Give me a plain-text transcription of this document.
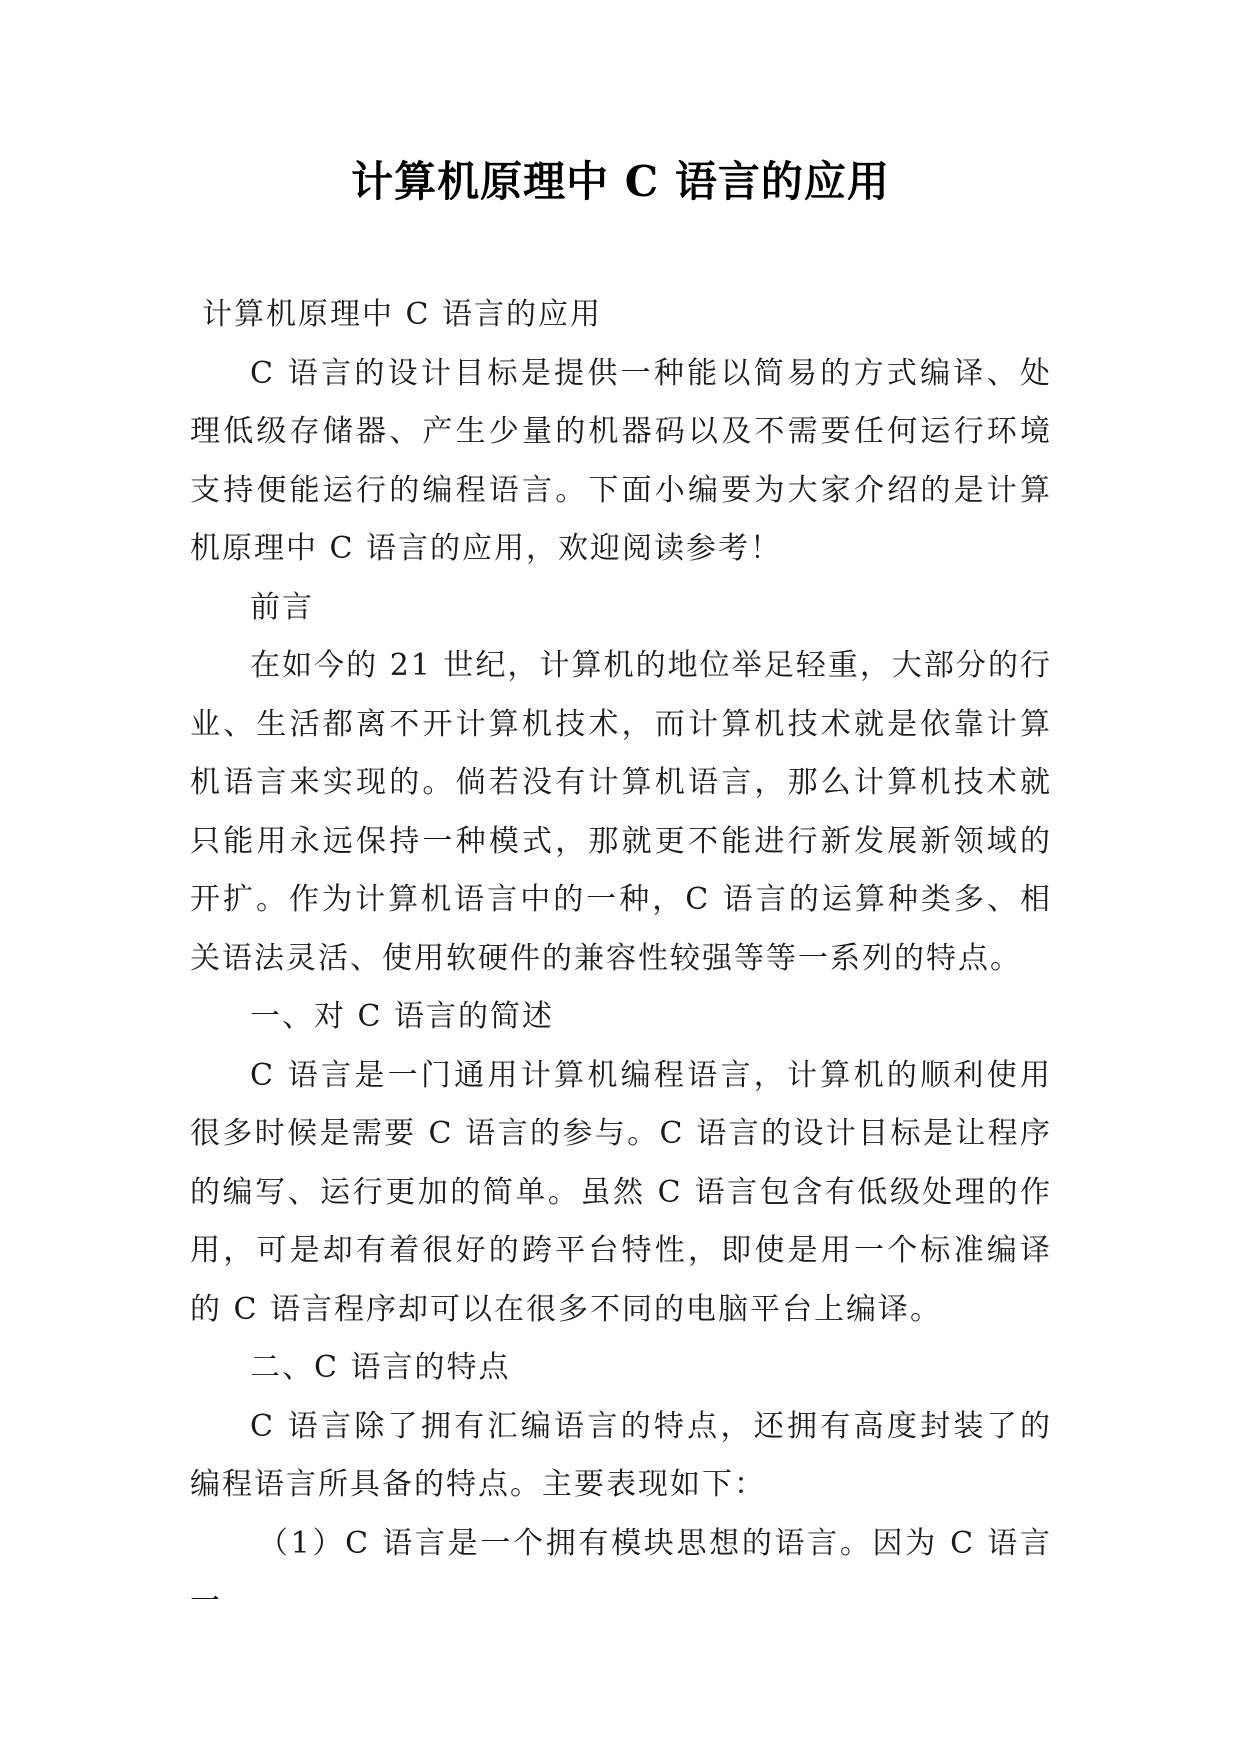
计算机原理中 C 语言的应用

计算机原理中 C 语言的应用

C 语言的设计目标是提供一种能以简易的方式编译、处理低级存储器、产生少量的机器码以及不需要任何运行环境支持便能运行的编程语言。下面小编要为大家介绍的是计算机原理中 C 语言的应用，欢迎阅读参考！

前言

在如今的 21 世纪，计算机的地位举足轻重，大部分的行业、生活都离不开计算机技术，而计算机技术就是依靠计算机语言来实现的。倘若没有计算机语言，那么计算机技术就只能用永远保持一种模式，那就更不能进行新发展新领域的开扩。作为计算机语言中的一种，C 语言的运算种类多、相关语法灵活、使用软硬件的兼容性较强等等一系列的特点。

一、对 C 语言的简述

C 语言是一门通用计算机编程语言，计算机的顺利使用很多时候是需要 C 语言的参与。C 语言的设计目标是让程序的编写、运行更加的简单。虽然 C 语言包含有低级处理的作用，可是却有着很好的跨平台特性，即使是用一个标准编译的 C 语言程序却可以在很多不同的电脑平台上编译。

二、C 语言的特点

C 语言除了拥有汇编语言的特点，还拥有高度封装了的编程语言所具备的特点。主要表现如下：

（1）C 语言是一个拥有模块思想的语言。因为 C 语言一
